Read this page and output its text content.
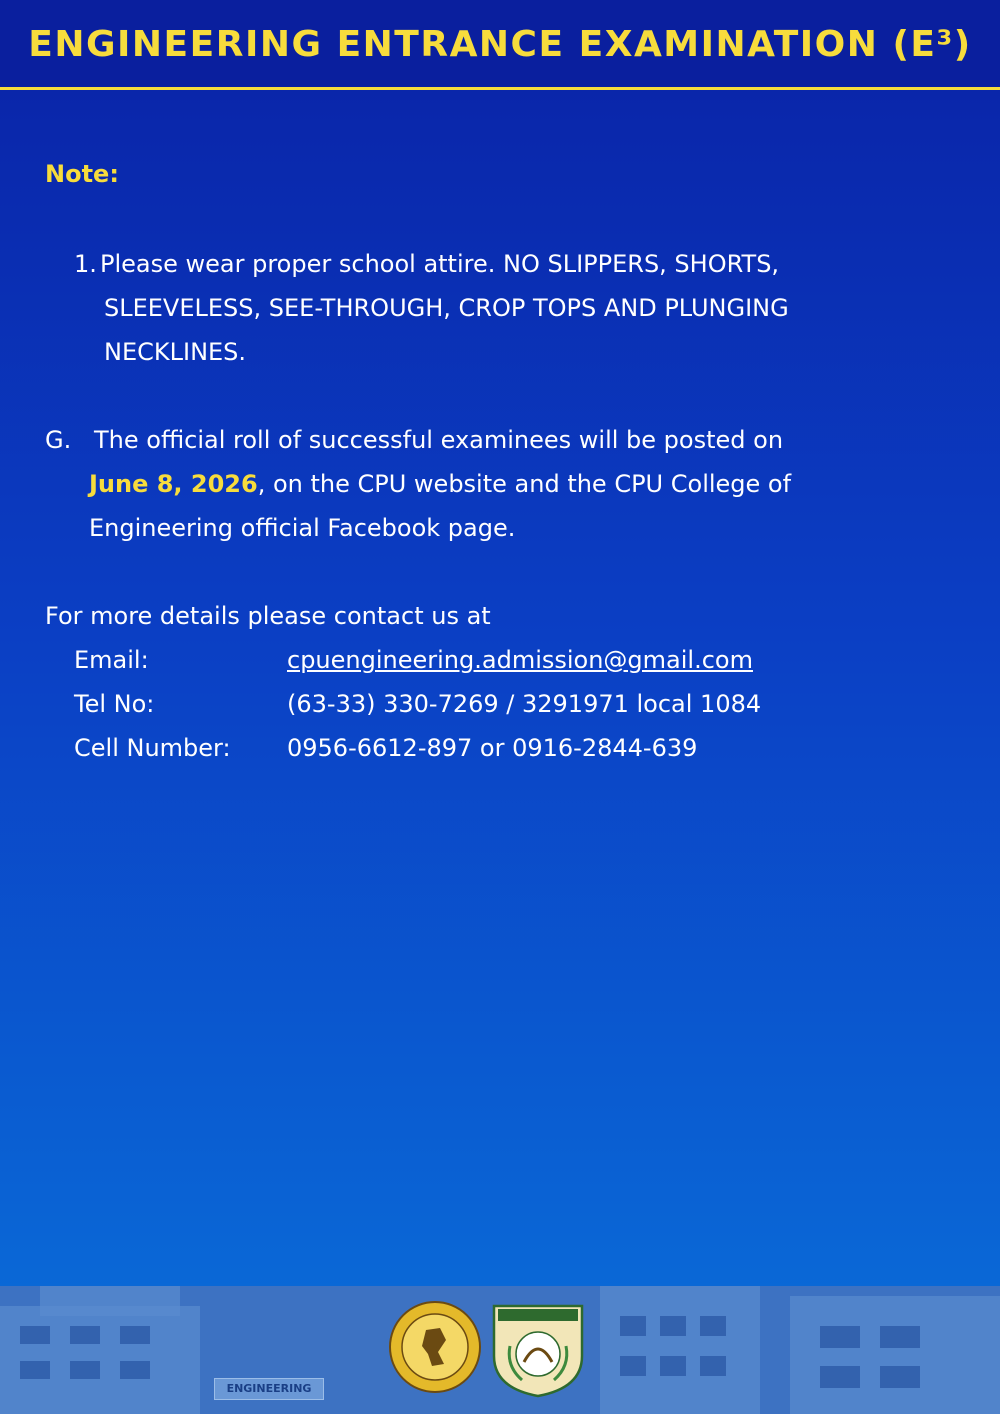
ENGINEERING ENTRANCE EXAMINATION (E³)
Note:
1. Please wear proper school attire. NO SLIPPERS, SHORTS,
SLEEVELESS, SEE-THROUGH, CROP TOPS AND PLUNGING
NECKLINES.
G. The official roll of successful examinees will be posted on
June 8, 2026, on the CPU website and the CPU College of
Engineering official Facebook page.
For more details please contact us at
Email:	cpuengineering.admission@gmail.com
Tel No:	(63-33) 330-7269 / 3291971 local 1084
Cell Number: 0956-6612-897 or 0916-2844-639
ENGINEERING
